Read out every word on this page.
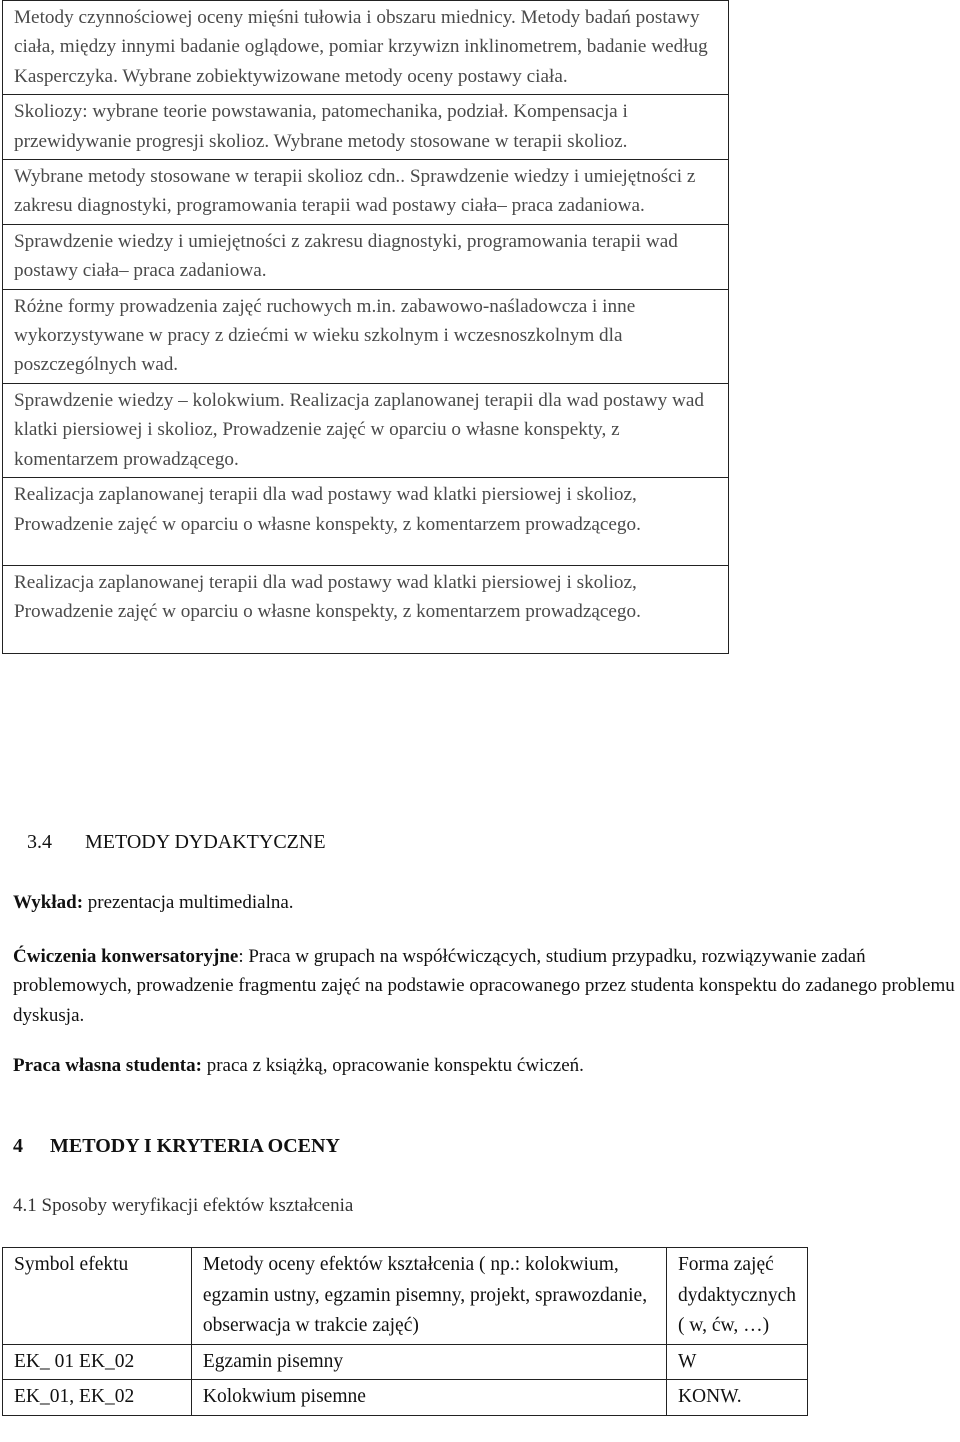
Metody czynnościowej oceny mięśni tułowia i obszaru miednicy. Metody badań postawy ciała, między innymi badanie oglądowe, pomiar krzywizn inklinometrem, badanie według Kasperczyka. Wybrane zobiektywizowane metody oceny postawy ciała.
Skoliozy: wybrane teorie powstawania, patomechanika, podział. Kompensacja i przewidywanie progresji skolioz. Wybrane metody stosowane w terapii skolioz.
Wybrane metody stosowane w terapii skolioz cdn.. Sprawdzenie wiedzy i umiejętności z zakresu diagnostyki, programowania terapii wad postawy ciała– praca zadaniowa.
Sprawdzenie wiedzy i umiejętności z zakresu diagnostyki, programowania terapii wad postawy ciała– praca zadaniowa.
Różne formy prowadzenia zajęć ruchowych m.in. zabawowo-naśladowcza i inne wykorzystywane w pracy z dziećmi w wieku szkolnym i wczesnoszkolnym dla poszczególnych wad.
Sprawdzenie wiedzy – kolokwium. Realizacja zaplanowanej terapii dla wad postawy wad klatki piersiowej i skolioz, Prowadzenie zajęć w oparciu o własne konspekty, z komentarzem prowadzącego.
Realizacja zaplanowanej terapii dla wad postawy wad klatki piersiowej i skolioz, Prowadzenie zajęć w oparciu o własne konspekty, z komentarzem prowadzącego.
Realizacja zaplanowanej terapii dla wad postawy wad klatki piersiowej i skolioz, Prowadzenie zajęć w oparciu o własne konspekty, z komentarzem prowadzącego.
3.4 METODY DYDAKTYCZNE

Wykład: prezentacja multimedialna.

Ćwiczenia konwersatoryjne: Praca w grupach na współćwiczących, studium przypadku, rozwiązywanie zadań problemowych, prowadzenie fragmentu zajęć na podstawie opracowanego przez studenta konspektu do zadanego problemu dyskusja.

Praca własna studenta: praca z książką, opracowanie konspektu ćwiczeń.

4 METODY I KRYTERIA OCENY

4.1 Sposoby weryfikacji efektów kształcenia

Symbol efektu	Metody oceny efektów kształcenia ( np.: kolokwium, egzamin ustny, egzamin pisemny, projekt, sprawozdanie, obserwacja w trakcie zajęć)	Forma zajęć dydaktycznych ( w, ćw, …)
EK_ 01 EK_02	Egzamin pisemny	W
EK_01, EK_02	Kolokwium pisemne	KONW.
